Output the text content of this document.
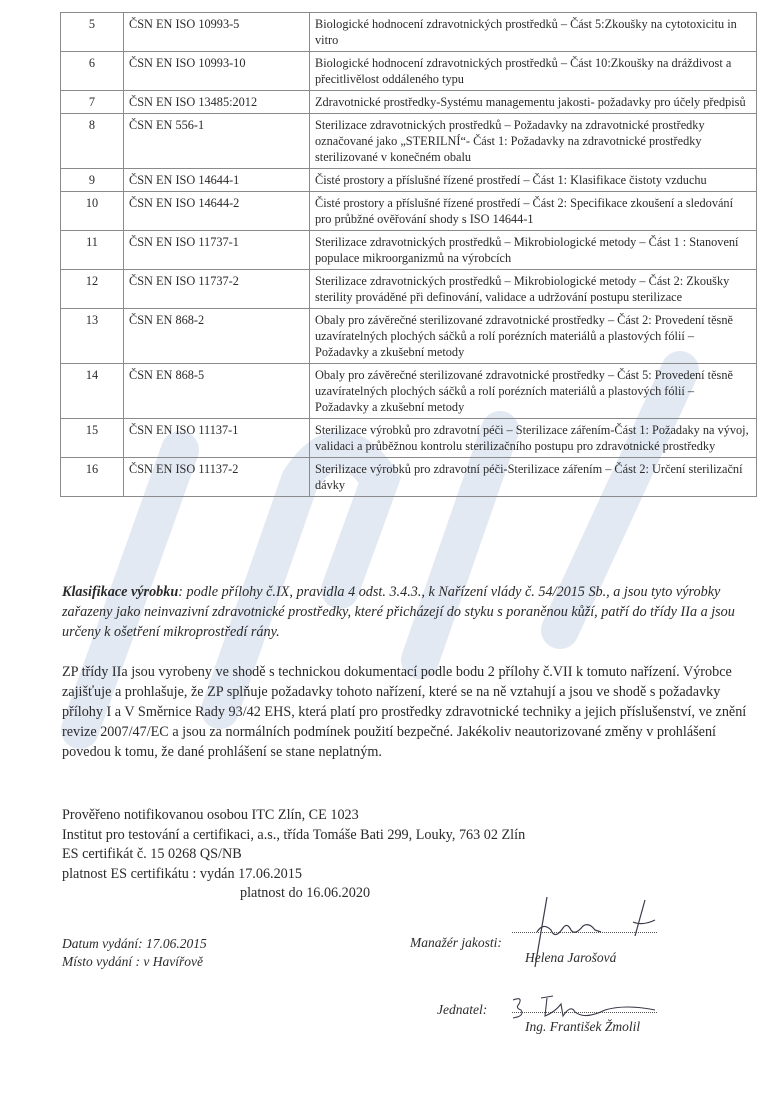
5	ČSN EN ISO 10993-5	Biologické hodnocení zdravotnických prostředků – Část 5:Zkoušky na cytotoxicitu in vitro
6	ČSN EN ISO 10993-10	Biologické hodnocení zdravotnických prostředků – Část 10:Zkoušky na dráždivost a přecitlivělost oddáleného typu
7	ČSN EN ISO 13485:2012	Zdravotnické prostředky-Systému managementu jakosti- požadavky pro účely předpisů
8	ČSN EN 556-1	Sterilizace zdravotnických prostředků – Požadavky na zdravotnické prostředky označované jako „STERILNÍ“- Část 1: Požadavky na zdravotnické prostředky sterilizované v konečném obalu
9	ČSN EN ISO 14644-1	Čisté prostory a příslušné řízené prostředí – Část 1: Klasifikace čistoty vzduchu
10	ČSN EN ISO 14644-2	Čisté prostory a příslušné řízené prostředí – Část 2: Specifikace zkoušení a sledování pro průbžné ověřování shody s ISO 14644-1
11	ČSN EN ISO 11737-1	Sterilizace zdravotnických prostředků – Mikrobiologické metody – Část 1 : Stanovení populace mikroorganizmů na výrobcích
12	ČSN EN ISO 11737-2	Sterilizace zdravotnických prostředků – Mikrobiologické metody – Část 2: Zkoušky sterility prováděné při definování, validace a udržování postupu sterilizace
13	ČSN EN 868-2	Obaly pro závěrečné sterilizované zdravotnické prostředky – Část 2: Provedení těsně uzavíratelných plochých sáčků a rolí porézních materiálů a plastových fólií – Požadavky a zkušební metody
14	ČSN EN 868-5	Obaly pro závěrečné sterilizované zdravotnické prostředky – Část 5: Provedení těsně uzavíratelných plochých sáčků a rolí porézních materiálů a plastových fólií – Požadavky a zkušební metody
15	ČSN EN ISO 11137-1	Sterilizace výrobků pro zdravotní péči – Sterilizace zářením-Část 1: Požadaky na vývoj, validaci a průběžnou kontrolu sterilizačního postupu pro zdravotnické prostředky
16	ČSN EN ISO 11137-2	Sterilizace výrobků pro zdravotní péči-Sterilizace zářením – Část 2: Určení sterilizační dávky
Klasifikace výrobku: podle přílohy č.IX, pravidla 4 odst. 3.4.3., k Nařízení vlády č. 54/2015 Sb., a jsou tyto výrobky zařazeny jako neinvazivní zdravotnické prostředky, které přicházejí do styku s poraněnou kůží, patří do třídy IIa a jsou určeny k ošetření mikroprostředí rány.
ZP třídy IIa jsou vyrobeny ve shodě s technickou dokumentací podle bodu 2 přílohy č.VII k tomuto nařízení. Výrobce zajišťuje a prohlašuje, že ZP splňuje požadavky tohoto nařízení, které se na ně vztahují a jsou ve shodě s požadavky přílohy I a V Směrnice Rady 93/42 EHS, která platí pro prostředky zdravotnické techniky a jejich příslušenství, ve znění revize 2007/47/EC a jsou za normálních podmínek použití bezpečné. Jakékoliv neautorizované změny v prohlášení povedou k tomu, že dané prohlášení se stane neplatným.
Prověřeno notifikovanou osobou ITC Zlín, CE 1023
Institut pro testování a certifikaci, a.s., třída Tomáše Bati 299, Louky, 763 02 Zlín
ES certifikát č. 15 0268 QS/NB
platnost ES certifikátu : vydán 17.06.2015
platnost do 16.06.2020
Datum vydání: 17.06.2015
Místo vydání : v Havířově
Manažér jakosti:
Helena Jarošová
Jednatel:
Ing. František Žmolil
